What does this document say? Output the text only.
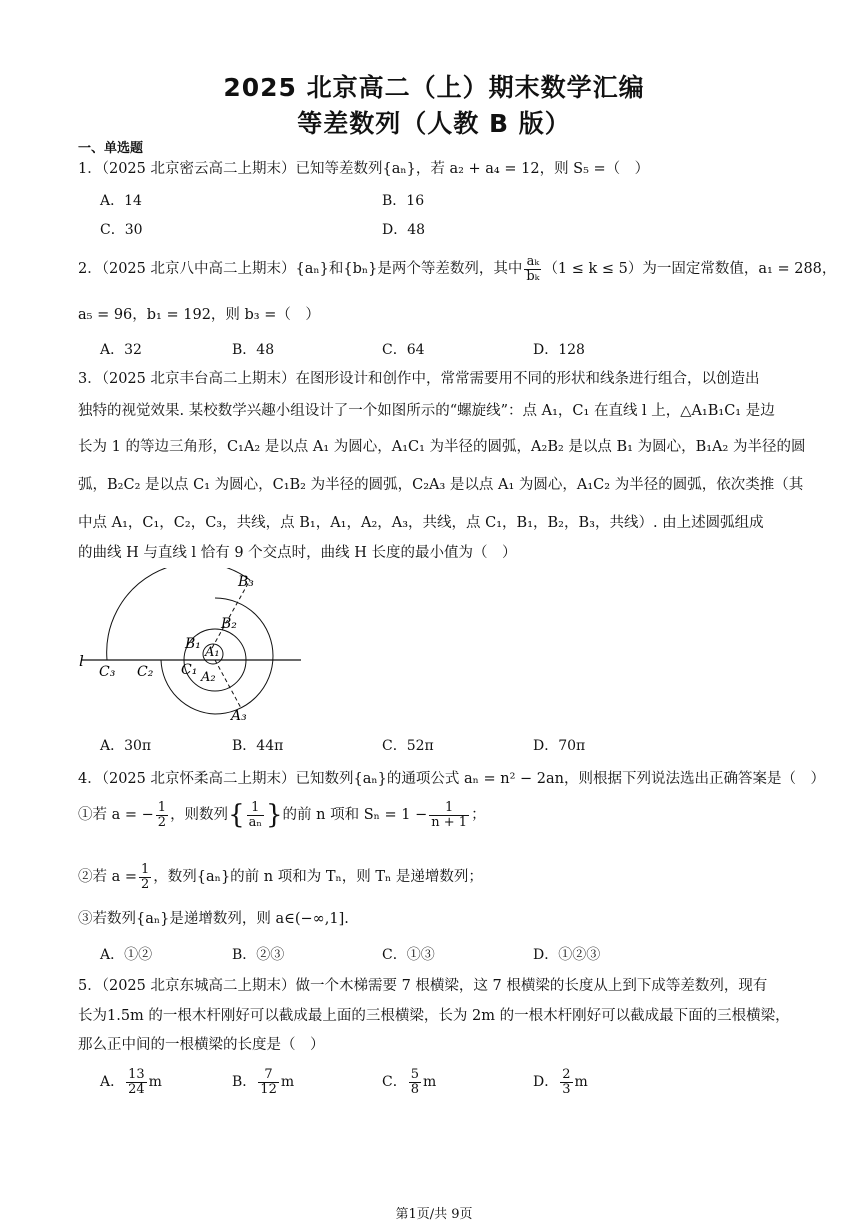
2025 北京高二（上）期末数学汇编
等差数列（人教 B 版）
一、单选题
1．（2025 北京密云高二上期末）已知等差数列{aₙ}，若 a₂ + a₄ = 12，则 S₅ =（　）
A．14	B．16
C．30	D．48
2．（2025 北京八中高二上期末）{aₙ}和{bₙ}是两个等差数列，其中 $\frac{\text{aₖ}}{\text{bₖ}} (1 \le k \le 5)$为一固定常数值，a₁ = 288，
a₅ = 96，b₁ = 192，则 b₃ =（　）
A．32	B．48	C．64	D．128
3．（2025 北京丰台高二上期末）在图形设计和创作中，常常需要用不同的形状和线条进行组合，以创造出
独特的视觉效果. 某校数学兴趣小组设计了一个如图所示的“螺旋线”：点 A₁，C₁ 在直线 l 上，△A₁B₁C₁ 是边
长为 1 的等边三角形，C₁A₂ 是以点 A₁ 为圆心，A₁C₁ 为半径的圆弧，A₂B₂ 是以点 B₁ 为圆心，B₁A₂ 为半径的圆
弧，B₂C₂ 是以点 C₁ 为圆心，C₁B₂ 为半径的圆弧，C₂A₃ 是以点 A₁ 为圆心，A₁C₂ 为半径的圆弧，依次类推（其
中点 A₁，C₁，C₂，C₃，共线，点 B₁，A₁，A₂，A₃，共线，点 C₁，B₁，B₂，B₃，共线）. 由上述圆弧组成
的曲线 H 与直线 l 恰有 9 个交点时，曲线 H 长度的最小值为（　）
l
C₃ C₂ C₁
B₁
A₁
A₂
B₂
B₃
A₃
A．30π	B．44π	C．52π	D．70π
4．（2025 北京怀柔高二上期末）已知数列{aₙ}的通项公式 aₙ = n² − 2an，则根据下列说法选出正确答案是（　）
①若 a = − $\frac{1}{2}$ ，则数列{ $\frac{1}{\text{aₙ}}$ }的前 n 项和 $S_n = 1 - \frac{1}{n + 1}$ ；
②若 $a = \frac{1}{2}$ ，数列{aₙ}的前 n 项和为 Tₙ，则 Tₙ 是递增数列；
③若数列{aₙ}是递增数列，则 a∈(−∞,1].
A．①②	B．②③	C．①③	D．①②③
5．（2025 北京东城高二上期末）做一个木梯需要 7 根横梁，这 7 根横梁的长度从上到下成等差数列，现有
长为1.5m 的一根木杆刚好可以截成最上面的三根横梁，长为 2m 的一根木杆刚好可以截成最下面的三根横梁，
那么正中间的一根横梁的长度是（　）
A． $\frac{13}{24}$ m	B． $\frac{7}{12}$ m	C． $\frac{5}{8}$ m	D． $\frac{2}{3}$ m
第1页/共 9页
